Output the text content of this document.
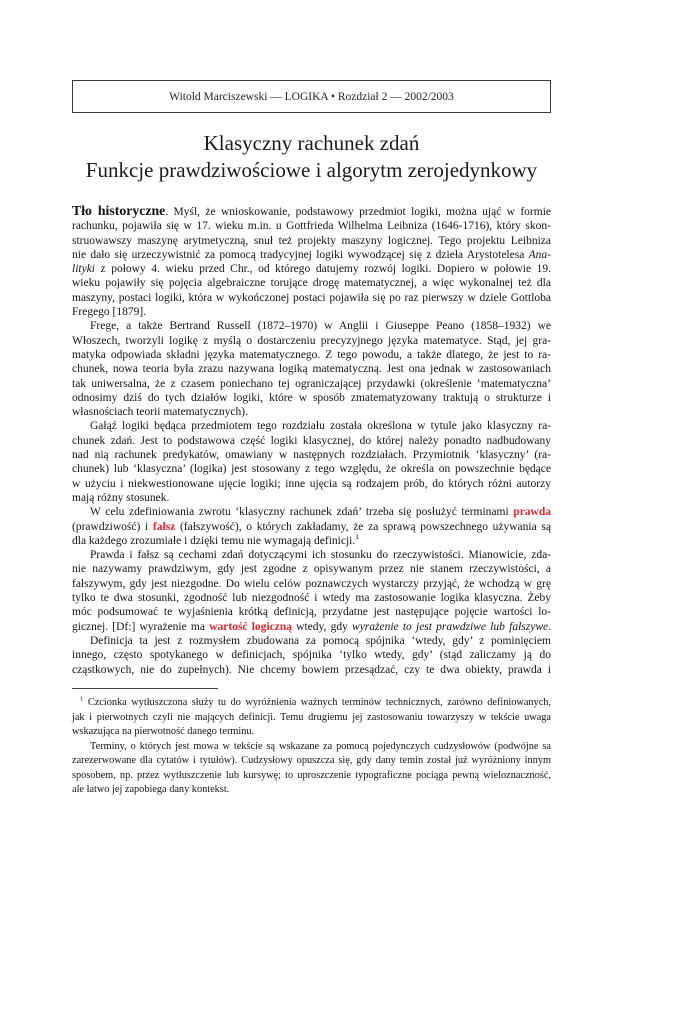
Witold Marciszewski — LOGIKA • Rozdział 2 — 2002/2003
Klasyczny rachunek zdań
Funkcje prawdziwościowe i algorytm zerojedynkowy
Tło historyczne. Myśl, że wnioskowanie, podstawowy przedmiot logiki, można ująć w formie
rachunku, pojawiła się w 17. wieku m.in. u Gottfrieda Wilhelma Leibniza (1646-1716), który skon-
struowawszy maszynę arytmetyczną, snuł też projekty maszyny logicznej. Tego projektu Leibniza
nie dało się urzeczywistnić za pomocą tradycyjnej logiki wywodzącej się z dzieła Arystotelesa Ana-
lityki z połowy 4. wieku przed Chr., od którego datujemy rozwój logiki. Dopiero w połowie 19.
wieku pojawiły się pojęcia algebraiczne torujące drogę matematycznej, a więc wykonalnej też dla
maszyny, postaci logiki, która w wykończonej postaci pojawiła się po raz pierwszy w dziele Gottloba
Fregego [1879].
Frege, a także Bertrand Russell (1872–1970) w Anglii i Giuseppe Peano (1858–1932) we
Włoszech, tworzyli logikę z myślą o dostarczeniu precyzyjnego języka matematyce. Stąd, jej gra-
matyka odpowiada składni języka matematycznego. Z tego powodu, a także dlatego, że jest to ra-
chunek, nowa teoria była zrazu nazywana logiką matematyczną. Jest ona jednak w zastosowaniach
tak uniwersalna, że z czasem poniechano tej ograniczającej przydawki (określenie ‘matematyczna’
odnosimy dziś do tych działów logiki, które w sposób zmatematyzowany traktują o strukturze i
własnościach teorii matematycznych).
Gałąź logiki będąca przedmiotem tego rozdziału została określona w tytule jako klasyczny ra-
chunek zdań. Jest to podstawowa część logiki klasycznej, do której należy ponadto nadbudowany
nad nią rachunek predykatów, omawiany w następnych rozdziałach. Przymiotnik ‘klasyczny’ (ra-
chunek) lub ‘klasyczna’ (logika) jest stosowany z tego względu, że określa on powszechnie będące
w użyciu i niekwestionowane ujęcie logiki; inne ujęcia są rodzajem prób, do których różni autorzy
mają różny stosunek.
W celu zdefiniowania zwrotu ‘klasyczny rachunek zdań’ trzeba się posłużyć terminami prawda
(prawdziwość) i fałsz (fałszywość), o których zakładamy, że za sprawą powszechnego używania są
dla każdego zrozumiałe i dzięki temu nie wymagają definicji.$^1$
Prawda i fałsz są cechami zdań dotyczącymi ich stosunku do rzeczywistości. Mianowicie, zda-
nie nazywamy prawdziwym, gdy jest zgodne z opisywanym przez nie stanem rzeczywistości, a
fałszywym, gdy jest niezgodne. Do wielu celów poznawczych wystarczy przyjąć, że wchodzą w grę
tylko te dwa stosunki, zgodność lub niezgodność i wtedy ma zastosowanie logika klasyczna. Żeby
móc podsumować te wyjaśnienia krótką definicją, przydatne jest następujące pojęcie wartości lo-
gicznej. [Df:] wyrażenie ma wartość logiczną wtedy, gdy wyrażenie to jest prawdziwe lub fałszywe.
Definicja ta jest z rozmysłem zbudowana za pomocą spójnika ‘wtedy, gdy’ z pominięciem
innego, często spotykanego w definicjach, spójnika ‘tylko wtedy, gdy’ (stąd zaliczamy ją do
cząstkowych, nie do zupełnych). Nie chcemy bowiem przesądzać, czy te dwa obiekty, prawda i
$^1$ Czcionka wytłuszczona służy tu do wyróżnienia ważnych terminów technicznych, zarówno definiowanych,
jak i pierwotnych czyli nie mających definicji. Temu drugiemu jej zastosowaniu towarzyszy w tekście uwaga
wskazująca na pierwotność danego terminu.
Terminy, o których jest mowa w tekście są wskazane za pomocą pojedynczych cudzysłowów (podwójne sa
zarezerwowane dla cytatów i tytułów). Cudzysłowy opuszcza się, gdy dany temin został już wyróżniony innym
sposobem, np. przez wytłuszczenie lub kursywę; to uproszczenie typograficzne pociąga pewną wieloznaczność,
ale łatwo jej zapobiega dany kontekst.
